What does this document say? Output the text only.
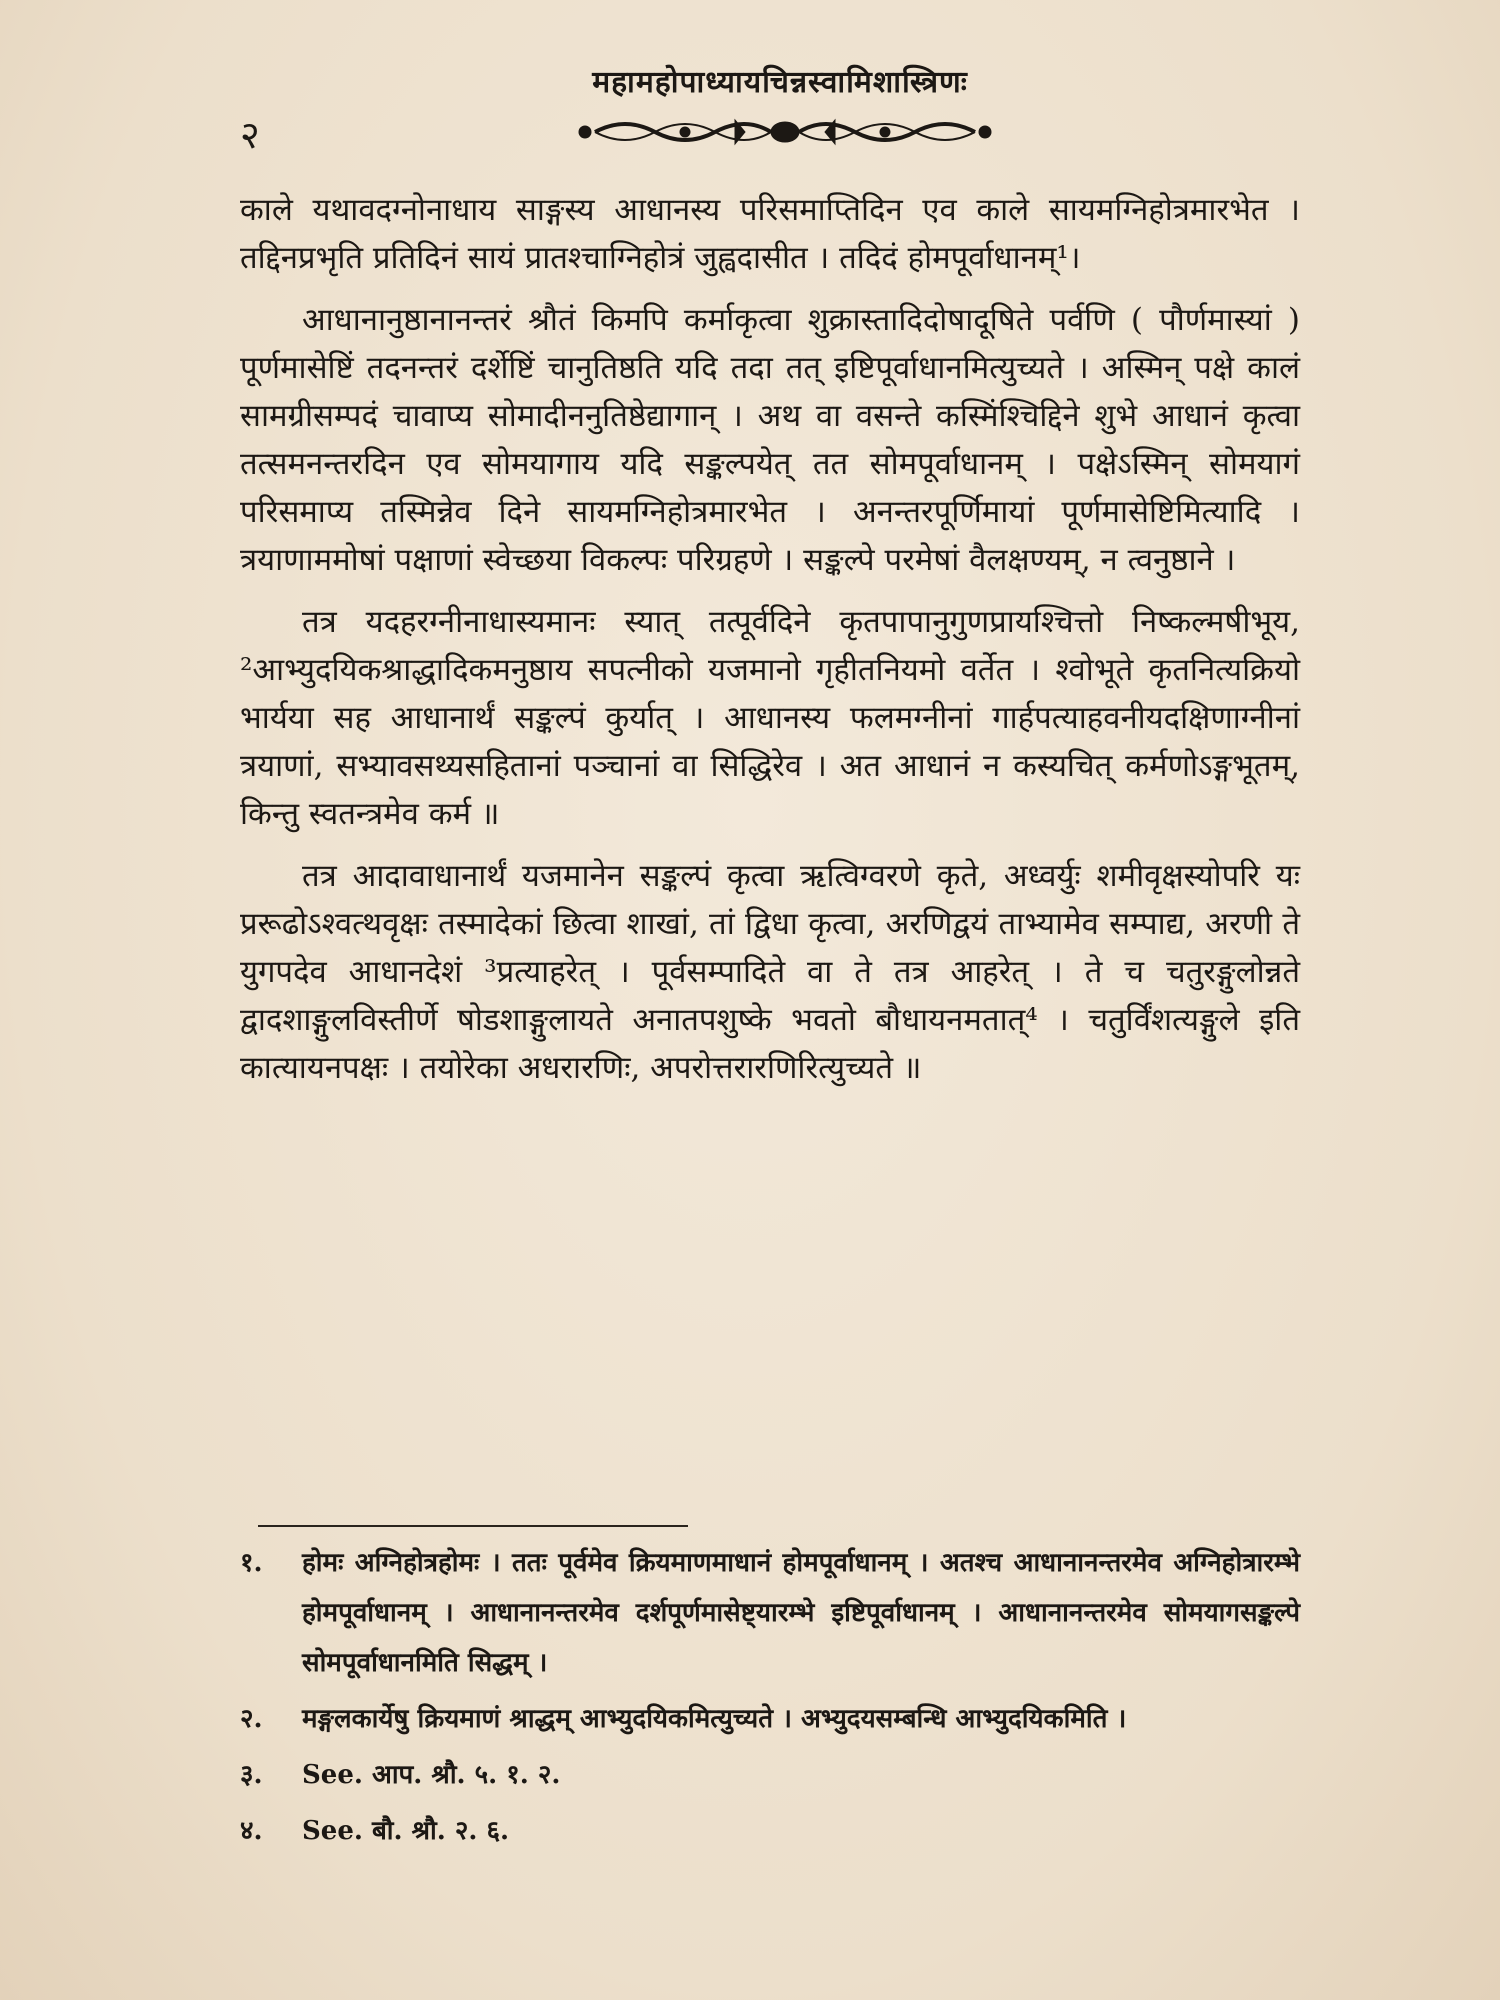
२
महामहोपाध्यायचिन्नस्वामिशास्त्रिणः

काले यथावदग्नोनाधाय साङ्गस्य आधानस्य परिसमाप्तिदिन एव काले सायमग्निहोत्रमारभेत । तद्दिनप्रभृति प्रतिदिनं सायं प्रातश्चाग्निहोत्रं जुह्वदासीत । तदिदं होमपूर्वाधानम्¹।

आधानानुष्ठानानन्तरं श्रौतं किमपि कर्माकृत्वा शुक्रास्तादिदोषादूषिते पर्वणि ( पौर्णमास्यां ) पूर्णमासेष्टिं तदनन्तरं दर्शेष्टिं चानुतिष्ठति यदि तदा तत् इष्टिपूर्वाधानमित्युच्यते । अस्मिन् पक्षे कालं सामग्रीसम्पदं चावाप्य सोमादीननुतिष्ठेद्यागान् । अथ वा वसन्ते कस्मिंश्चिद्दिने शुभे आधानं कृत्वा तत्समनन्तरदिन एव सोमयागाय यदि सङ्कल्पयेत् तत सोमपूर्वाधानम् । पक्षेऽस्मिन् सोमयागं परिसमाप्य तस्मिन्नेव दिने सायमग्निहोत्रमारभेत । अनन्तरपूर्णिमायां पूर्णमासेष्टिमित्यादि । त्रयाणाममोषां पक्षाणां स्वेच्छया विकल्पः परिग्रहणे । सङ्कल्पे परमेषां वैलक्षण्यम्, न त्वनुष्ठाने ।

तत्र यदहरग्नीनाधास्यमानः स्यात् तत्पूर्वदिने कृतपापानुगुणप्रायश्चित्तो निष्कल्मषीभूय, ²आभ्युदयिकश्राद्धादिकमनुष्ठाय सपत्नीको यजमानो गृहीतनियमो वर्तेत । श्वोभूते कृतनित्यक्रियो भार्यया सह आधानार्थं सङ्कल्पं कुर्यात् । आधानस्य फलमग्नीनां गार्हपत्याहवनीयदक्षिणाग्नीनां त्रयाणां, सभ्यावसथ्यसहितानां पञ्चानां वा सिद्धिरेव । अत आधानं न कस्यचित् कर्मणोऽङ्गभूतम्, किन्तु स्वतन्त्रमेव कर्म ॥

तत्र आदावाधानार्थं यजमानेन सङ्कल्पं कृत्वा ऋत्विग्वरणे कृते, अध्वर्युः शमीवृक्षस्योपरि यः प्ररूढोऽश्वत्थवृक्षः तस्मादेकां छित्वा शाखां, तां द्विधा कृत्वा, अरणिद्वयं ताभ्यामेव सम्पाद्य, अरणी ते युगपदेव आधानदेशं ³प्रत्याहरेत् । पूर्वसम्पादिते वा ते तत्र आहरेत् । ते च चतुरङ्गुलोन्नते द्वादशाङ्गुलविस्तीर्णे षोडशाङ्गुलायते अनातपशुष्के भवतो बौधायनमतात्⁴ । चतुर्विंशत्यङ्गुले इति कात्यायनपक्षः । तयोरेका अधरारणिः, अपरोत्तरारणिरित्युच्यते ॥

१.	होमः अग्निहोत्रहोमः । ततः पूर्वमेव क्रियमाणमाधानं होमपूर्वाधानम् । अतश्च आधानानन्तरमेव अग्निहोत्रारम्भे होमपूर्वाधानम् । आधानानन्तरमेव दर्शपूर्णमासेष्ट्यारम्भे इष्टिपूर्वाधानम् । आधानानन्तरमेव सोमयागसङ्कल्पे सोमपूर्वाधानमिति सिद्धम् ।
२.	मङ्गलकार्येषु क्रियमाणं श्राद्धम् आभ्युदयिकमित्युच्यते । अभ्युदयसम्बन्धि आभ्युदयिकमिति ।
३.	See. आप. श्रौ. ५. १. २.
४.	See. बौ. श्रौ. २. ६.
